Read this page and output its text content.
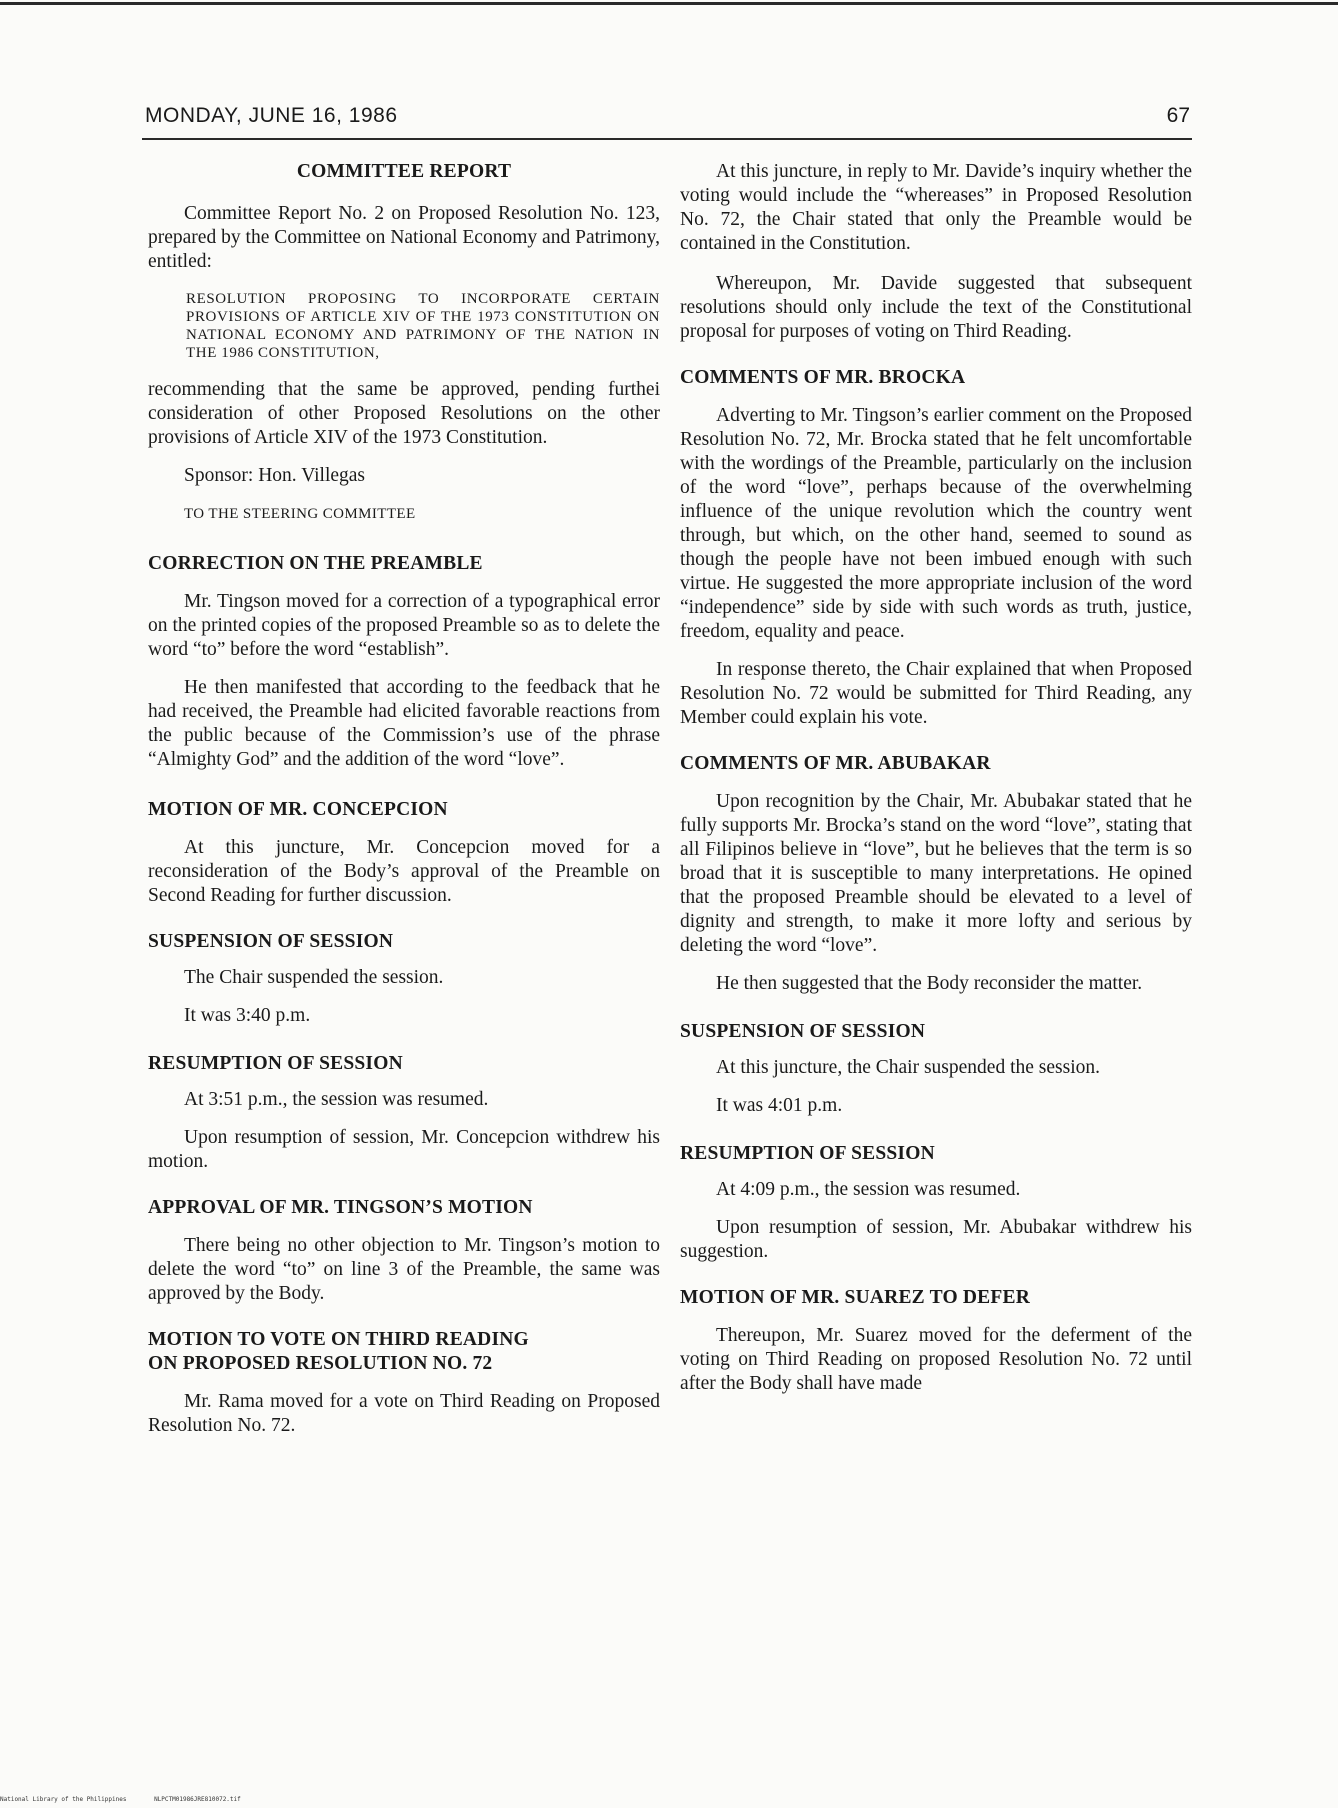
MONDAY, JUNE 16, 1986	67
COMMITTEE REPORT

Committee Report No. 2 on Proposed Resolution No. 123, prepared by the Committee on National Economy and Patrimony, entitled:

RESOLUTION PROPOSING TO INCORPORATE CERTAIN PROVISIONS OF ARTICLE XIV OF THE 1973 CONSTITUTION ON NATIONAL ECONOMY AND PATRIMONY OF THE NATION IN THE 1986 CONSTITUTION,

recommending that the same be approved, pending furthei consideration of other Proposed Resolutions on the other provisions of Article XIV of the 1973 Constitution.

Sponsor: Hon. Villegas

TO THE STEERING COMMITTEE

CORRECTION ON THE PREAMBLE

Mr. Tingson moved for a correction of a typographical error on the printed copies of the proposed Preamble so as to delete the word “to” before the word “establish”.

He then manifested that according to the feedback that he had received, the Preamble had elicited favorable reactions from the public because of the Commission’s use of the phrase “Almighty God” and the addition of the word “love”.

MOTION OF MR. CONCEPCION

At this juncture, Mr. Concepcion moved for a reconsideration of the Body’s approval of the Preamble on Second Reading for further discussion.

SUSPENSION OF SESSION

The Chair suspended the session.

It was 3:40 p.m.

RESUMPTION OF SESSION

At 3:51 p.m., the session was resumed.

Upon resumption of session, Mr. Concepcion withdrew his motion.

APPROVAL OF MR. TINGSON’S MOTION

There being no other objection to Mr. Tingson’s motion to delete the word “to” on line 3 of the Preamble, the same was approved by the Body.

MOTION TO VOTE ON THIRD READING
ON PROPOSED RESOLUTION NO. 72

Mr. Rama moved for a vote on Third Reading on Proposed Resolution No. 72.

At this juncture, in reply to Mr. Davide’s inquiry whether the voting would include the “whereases” in Proposed Resolution No. 72, the Chair stated that only the Preamble would be contained in the Constitution.

Whereupon, Mr. Davide suggested that subsequent resolutions should only include the text of the Constitutional proposal for purposes of voting on Third Reading.

COMMENTS OF MR. BROCKA

Adverting to Mr. Tingson’s earlier comment on the Proposed Resolution No. 72, Mr. Brocka stated that he felt uncomfortable with the wordings of the Preamble, particularly on the inclusion of the word “love”, perhaps because of the overwhelming influence of the unique revolution which the country went through, but which, on the other hand, seemed to sound as though the people have not been imbued enough with such virtue. He suggested the more appropriate inclusion of the word “independence” side by side with such words as truth, justice, freedom, equality and peace.

In response thereto, the Chair explained that when Proposed Resolution No. 72 would be submitted for Third Reading, any Member could explain his vote.

COMMENTS OF MR. ABUBAKAR

Upon recognition by the Chair, Mr. Abubakar stated that he fully supports Mr. Brocka’s stand on the word “love”, stating that all Filipinos believe in “love”, but he believes that the term is so broad that it is susceptible to many interpretations. He opined that the proposed Preamble should be elevated to a level of dignity and strength, to make it more lofty and serious by deleting the word “love”.

He then suggested that the Body reconsider the matter.

SUSPENSION OF SESSION

At this juncture, the Chair suspended the session.

It was 4:01 p.m.

RESUMPTION OF SESSION

At 4:09 p.m., the session was resumed.

Upon resumption of session, Mr. Abubakar withdrew his suggestion.

MOTION OF MR. SUAREZ TO DEFER

Thereupon, Mr. Suarez moved for the deferment of the voting on Third Reading on proposed Resolution No. 72 until after the Body shall have made

National Library of the Philippines	NLPCTM01986JRE810072.tif
